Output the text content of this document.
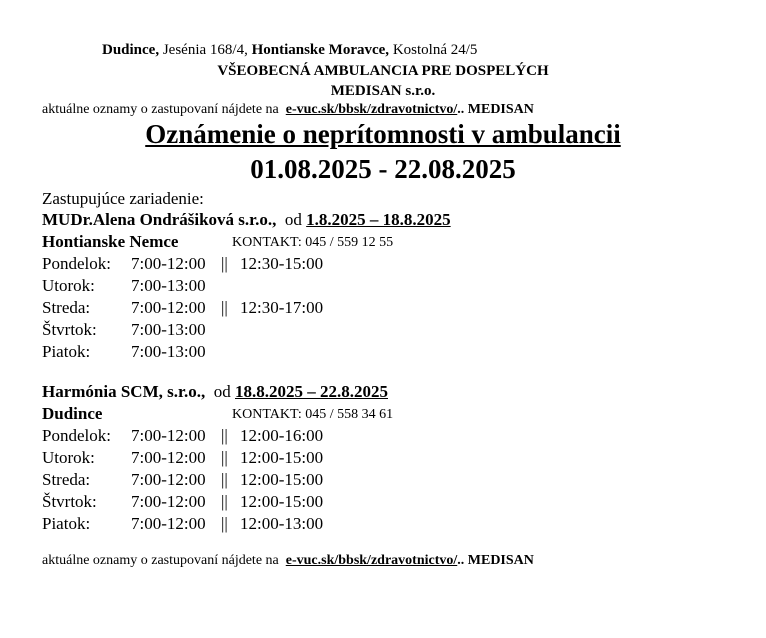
Dudince, Jesénia 168/4, Hontianske Moravce, Kostolná 24/5
VŠEOBECNÁ AMBULANCIA PRE DOSPELÝCH
MEDISAN s.r.o.
aktuálne oznamy o zastupovaní nájdete na e-vuc.sk/bbsk/zdravotnictvo/.. MEDISAN
Oznámenie o neprítomnosti v ambulancii
01.08.2025 - 22.08.2025
Zastupujúce zariadenie:
MUDr.Alena Ondrášiková s.r.o., od 1.8.2025 – 18.8.2025
Hontianske Nemce	KONTAKT: 045 / 559 12 55
Pondelok: 7:00-12:00 || 12:30-15:00
Utorok: 7:00-13:00
Streda: 7:00-12:00 || 12:30-17:00
Štvrtok: 7:00-13:00
Piatok: 7:00-13:00
Harmónia SCM, s.r.o., od 18.8.2025 – 22.8.2025
Dudince	KONTAKT: 045 / 558 34 61
Pondelok: 7:00-12:00 || 12:00-16:00
Utorok: 7:00-12:00 || 12:00-15:00
Streda: 7:00-12:00 || 12:00-15:00
Štvrtok: 7:00-12:00 || 12:00-15:00
Piatok: 7:00-12:00 || 12:00-13:00
aktuálne oznamy o zastupovaní nájdete na e-vuc.sk/bbsk/zdravotnictvo/.. MEDISAN
